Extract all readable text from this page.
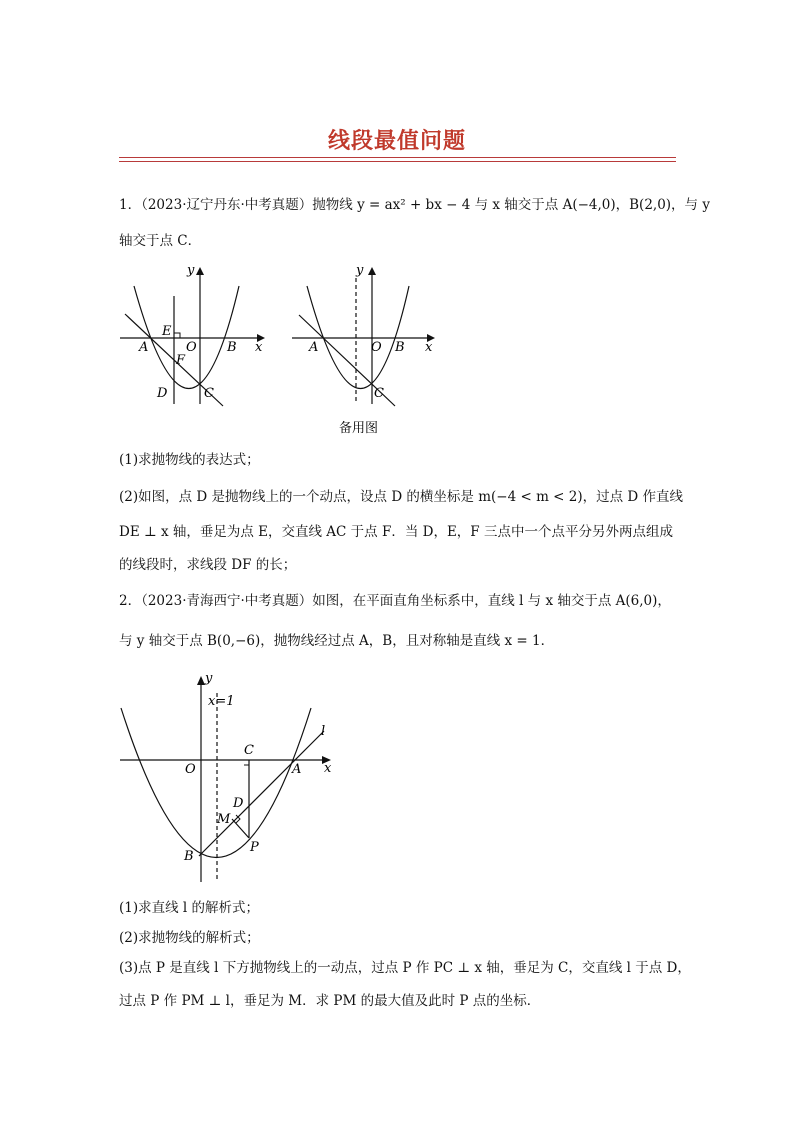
线段最值问题
1．（2023·辽宁丹东·中考真题）抛物线 y = ax² + bx − 4 与 x 轴交于点 A(−4,0)，B(2,0)，与 y
轴交于点 C．
y
x
A	B
O
E
F
D	C
y
x
A	B
O
C
备用图
(1)求抛物线的表达式；
(2)如图，点 D 是抛物线上的一个动点，设点 D 的横坐标是 m(−4 < m < 2)，过点 D 作直线
DE ⊥ x 轴，垂足为点 E，交直线 AC 于点 F．当 D，E，F 三点中一个点平分另外两点组成
的线段时，求线段 DF 的长；
2．（2023·青海西宁·中考真题）如图，在平面直角坐标系中，直线 l 与 x 轴交于点 A(6,0)，
与 y 轴交于点 B(0,−6)，抛物线经过点 A，B，且对称轴是直线 x = 1．
y
x=1
C
l
x
O	A
D
M
P
B
(1)求直线 l 的解析式；
(2)求抛物线的解析式；
(3)点 P 是直线 l 下方抛物线上的一动点，过点 P 作 PC ⊥ x 轴，垂足为 C，交直线 l 于点 D，
过点 P 作 PM ⊥ l，垂足为 M．求 PM 的最大值及此时 P 点的坐标．
